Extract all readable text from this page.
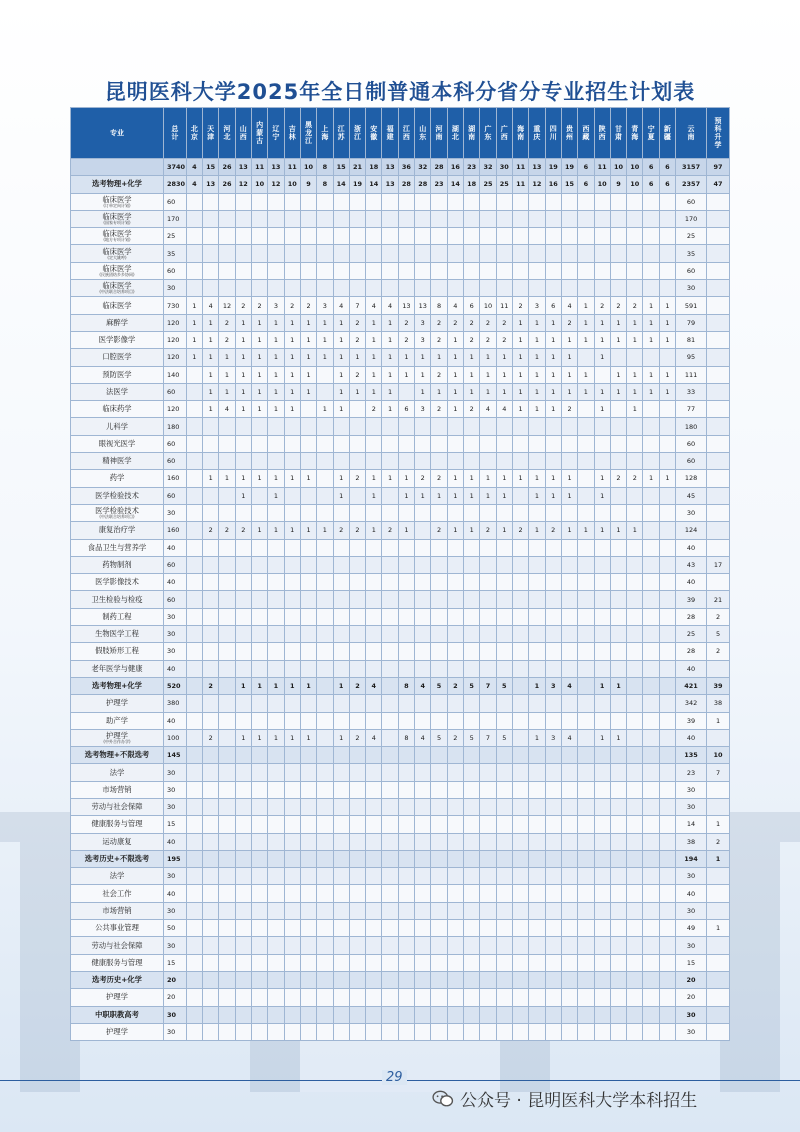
昆明医科大学2025年全日制普通本科分省分专业招生计划表
专业	总计	北京	天津	河北	山西	内蒙古	辽宁	吉林	黑龙江	上海	江苏	浙江	安徽	福建	江西	山东	河南	湖北	湖南	广东	广西	海南	重庆	四川	贵州	西藏	陕西	甘肃	青海	宁夏	新疆	云南	预科升学

	3740	4	15	26	13	11	13	11	10	8	15	21	18	13	36	32	28	16	23	32	30	11	13	19	19	6	11	10	10	6	6	3157	97

选考物理+化学	2830	4	13	26	12	10	12	10	9	8	14	19	14	13	28	28	23	14	18	25	25	11	12	16	15	6	10	9	10	6	6	2357	47

临床医学
(订单定向计划)	60																															60	

临床医学
(国家专项计划)	170																															170	

临床医学
(地方专项计划)	25																															25	

临床医学
(定大姚哼)	35																															35	

临床医学
(民族团结乡乡协同)	60																															60	

临床医学
(中法联合培养项目)	30																															30	

临床医学	730	1	4	12	2	2	3	2	2	3	4	7	4	4	13	13	8	4	6	10	11	2	3	6	4	1	2	2	2	1	1	591	

麻醉学	120	1	1	2	1	1	1	1	1	1	1	2	1	1	2	3	2	2	2	2	2	1	1	1	2	1	1	1	1	1	1	79	

医学影像学	120	1	1	2	1	1	1	1	1	1	1	2	1	1	2	3	2	1	2	2	2	1	1	1	1	1	1	1	1	1	1	81	

口腔医学	120	1	1	1	1	1	1	1	1	1	1	1	1	1	1	1	1	1	1	1	1	1	1	1	1		1					95	

预防医学	140		1	1	1	1	1	1	1		1	2	1	1	1	1	2	1	1	1	1	1	1	1	1	1		1	1	1	1	111	

法医学	60		1	1	1	1	1	1	1		1	1	1	1		1	1	1	1	1	1	1	1	1	1	1	1	1	1	1	1	33	

临床药学	120		1	4	1	1	1	1		1	1		2	1	6	3	2	1	2	4	4	1	1	1	2		1		1			77	

儿科学	180																															180	

眼视光医学	60																															60	

精神医学	60																															60	

药学	160		1	1	1	1	1	1	1		1	2	1	1	1	2	2	1	1	1	1	1	1	1	1		1	2	2	1	1	128	

医学检验技术	60				1		1				1		1		1	1	1	1	1	1	1		1	1	1		1					45	

医学检验技术
(中法联合培养项目)	30																															30	

康复治疗学	160		2	2	2	1	1	1	1	1	2	2	1	2	1		2	1	1	2	1	2	1	2	1	1	1	1	1			124	

食品卫生与营养学	40																															40	

药物制剂	60																															43	17

医学影像技术	40																															40	

卫生检验与检疫	60																															39	21

制药工程	30																															28	2

生物医学工程	30																															25	5

假肢矫形工程	30																															28	2

老年医学与健康	40																															40	

选考物理+化学	520		2		1	1	1	1	1		1	2	4		8	4	5	2	5	7	5		1	3	4		1	1				421	39

护理学	380																															342	38

助产学	40																															39	1

护理学
(中外合作办学)	100		2		1	1	1	1	1		1	2	4		8	4	5	2	5	7	5		1	3	4		1	1				40	

选考物理+不限选考	145																															135	10

法学	30																															23	7

市场营销	30																															30	

劳动与社会保障	30																															30	

健康服务与管理	15																															14	1

运动康复	40																															38	2

选考历史+不限选考	195																															194	1

法学	30																															30	

社会工作	40																															40	

市场营销	30																															30	

公共事业管理	50																															49	1

劳动与社会保障	30																															30	

健康服务与管理	15																															15	

选考历史+化学	20																															20	

护理学	20																															20	

中职职教高考	30																															30	

护理学	30																															30	
29
公众号 · 昆明医科大学本科招生
